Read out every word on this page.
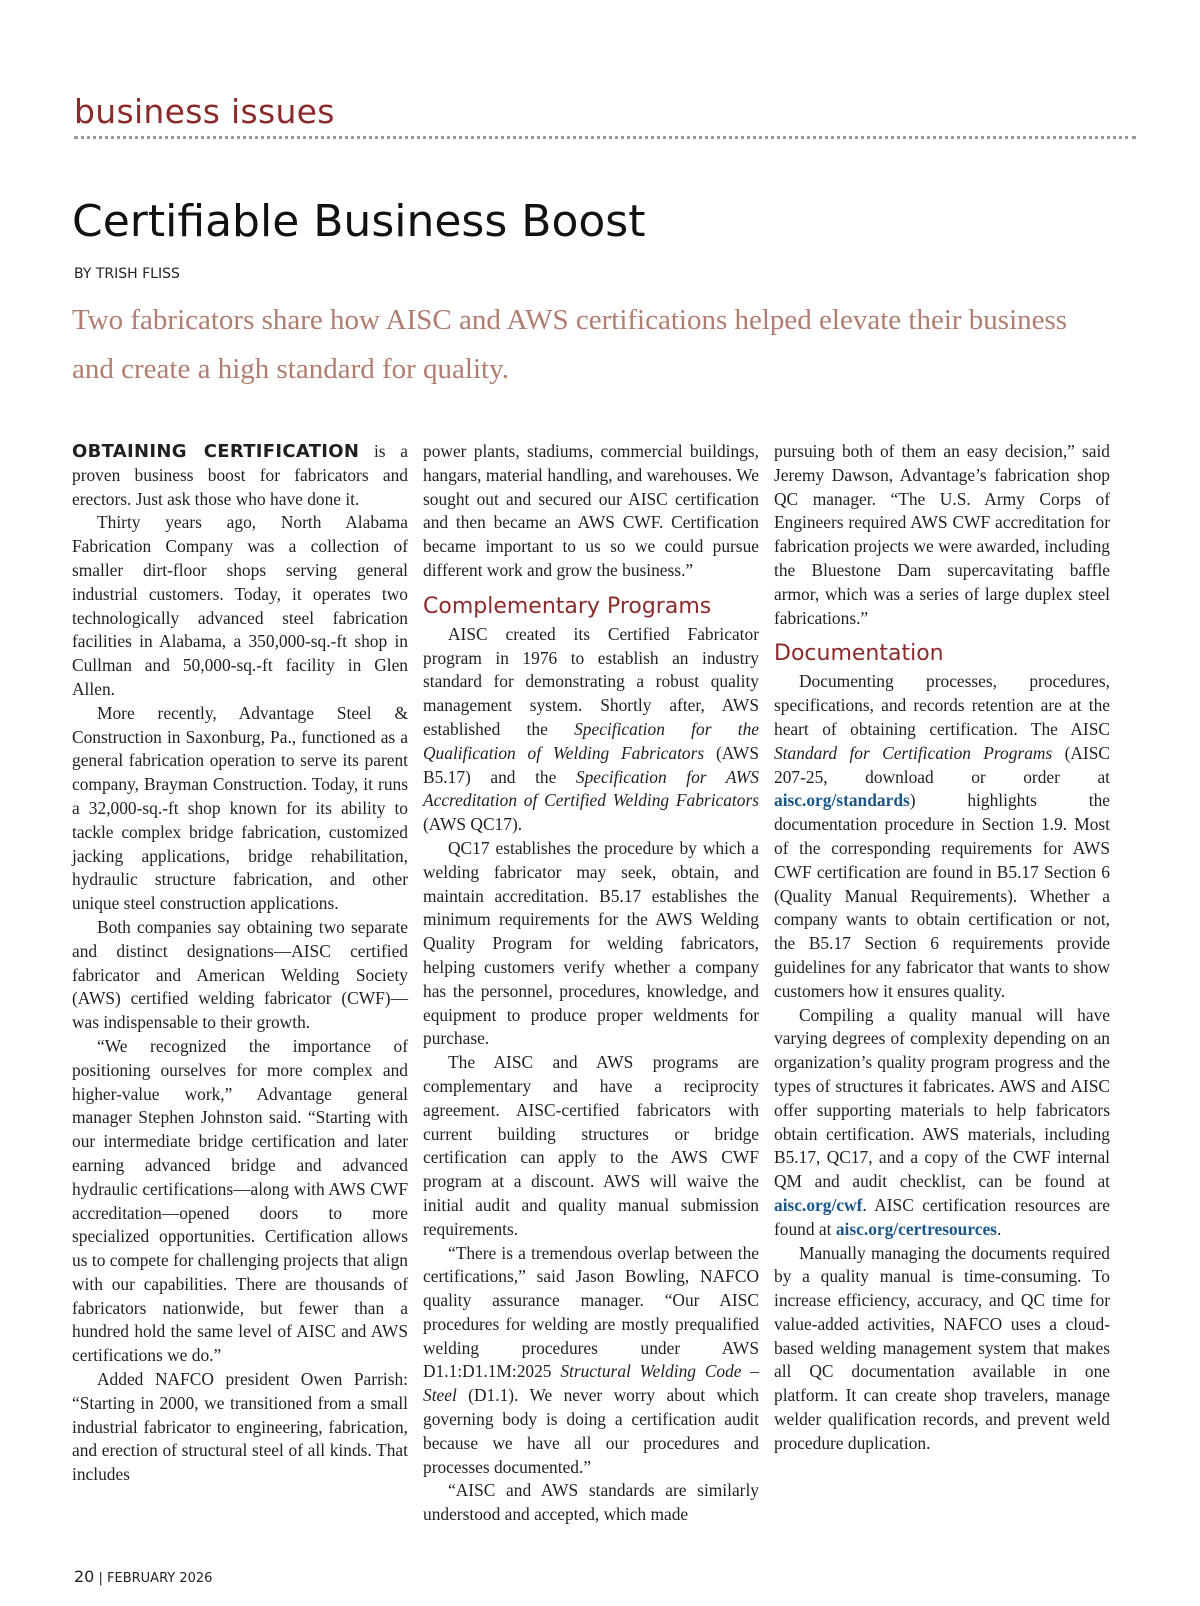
business issues
Certifiable Business Boost
BY TRISH FLISS

Two fabricators share how AISC and AWS certifications helped elevate their business and create a high standard for quality.

OBTAINING CERTIFICATION is a proven business boost for fabricators and erectors. Just ask those who have done it.

Thirty years ago, North Alabama Fabrication Company was a collection of smaller dirt-floor shops serving general industrial customers. Today, it operates two technologically advanced steel fabrication facilities in Alabama, a 350,000-sq.-ft shop in Cullman and 50,000-sq.-ft facility in Glen Allen.

More recently, Advantage Steel & Construction in Saxonburg, Pa., functioned as a general fabrication operation to serve its parent company, Brayman Construction. Today, it runs a 32,000-sq.-ft shop known for its ability to tackle complex bridge fabrication, customized jacking applications, bridge rehabilitation, hydraulic structure fabrication, and other unique steel construction applications.

Both companies say obtaining two separate and distinct designations—AISC certified fabricator and American Welding Society (AWS) certified welding fabricator (CWF)—was indispensable to their growth.

“We recognized the importance of positioning ourselves for more complex and higher-value work,” Advantage general manager Stephen Johnston said. “Starting with our intermediate bridge certification and later earning advanced bridge and advanced hydraulic certifications—along with AWS CWF accreditation—opened doors to more specialized opportunities. Certification allows us to compete for challenging projects that align with our capabilities. There are thousands of fabricators nationwide, but fewer than a hundred hold the same level of AISC and AWS certifications we do.”

Added NAFCO president Owen Parrish: “Starting in 2000, we transitioned from a small industrial fabricator to engineering, fabrication, and erection of structural steel of all kinds. That includes

power plants, stadiums, commercial buildings, hangars, material handling, and warehouses. We sought out and secured our AISC certification and then became an AWS CWF. Certification became important to us so we could pursue different work and grow the business.”

Complementary Programs

AISC created its Certified Fabricator program in 1976 to establish an industry standard for demonstrating a robust quality management system. Shortly after, AWS established the Specification for the Qualification of Welding Fabricators (AWS B5.17) and the Specification for AWS Accreditation of Certified Welding Fabricators (AWS QC17).

QC17 establishes the procedure by which a welding fabricator may seek, obtain, and maintain accreditation. B5.17 establishes the minimum requirements for the AWS Welding Quality Program for welding fabricators, helping customers verify whether a company has the personnel, procedures, knowledge, and equipment to produce proper weldments for purchase.

The AISC and AWS programs are complementary and have a reciprocity agreement. AISC-certified fabricators with current building structures or bridge certification can apply to the AWS CWF program at a discount. AWS will waive the initial audit and quality manual submission requirements.

“There is a tremendous overlap between the certifications,” said Jason Bowling, NAFCO quality assurance manager. “Our AISC procedures for welding are mostly prequalified welding procedures under AWS D1.1:D1.1M:2025 Structural Welding Code – Steel (D1.1). We never worry about which governing body is doing a certification audit because we have all our procedures and processes documented.”

“AISC and AWS standards are similarly understood and accepted, which made

pursuing both of them an easy decision,” said Jeremy Dawson, Advantage’s fabrication shop QC manager. “The U.S. Army Corps of Engineers required AWS CWF accreditation for fabrication projects we were awarded, including the Bluestone Dam supercavitating baffle armor, which was a series of large duplex steel fabrications.”

Documentation

Documenting processes, procedures, specifications, and records retention are at the heart of obtaining certification. The AISC Standard for Certification Programs (AISC 207-25, download or order at aisc.org/standards) highlights the documentation procedure in Section 1.9. Most of the corresponding requirements for AWS CWF certification are found in B5.17 Section 6 (Quality Manual Requirements). Whether a company wants to obtain certification or not, the B5.17 Section 6 requirements provide guidelines for any fabricator that wants to show customers how it ensures quality.

Compiling a quality manual will have varying degrees of complexity depending on an organization’s quality program progress and the types of structures it fabricates. AWS and AISC offer supporting materials to help fabricators obtain certification. AWS materials, including B5.17, QC17, and a copy of the CWF internal QM and audit checklist, can be found at aisc.org/cwf. AISC certification resources are found at aisc.org/certresources.

Manually managing the documents required by a quality manual is time-consuming. To increase efficiency, accuracy, and QC time for value-added activities, NAFCO uses a cloud-based welding management system that makes all QC documentation available in one platform. It can create shop travelers, manage welder qualification records, and prevent weld procedure duplication.

20 | FEBRUARY 2026
